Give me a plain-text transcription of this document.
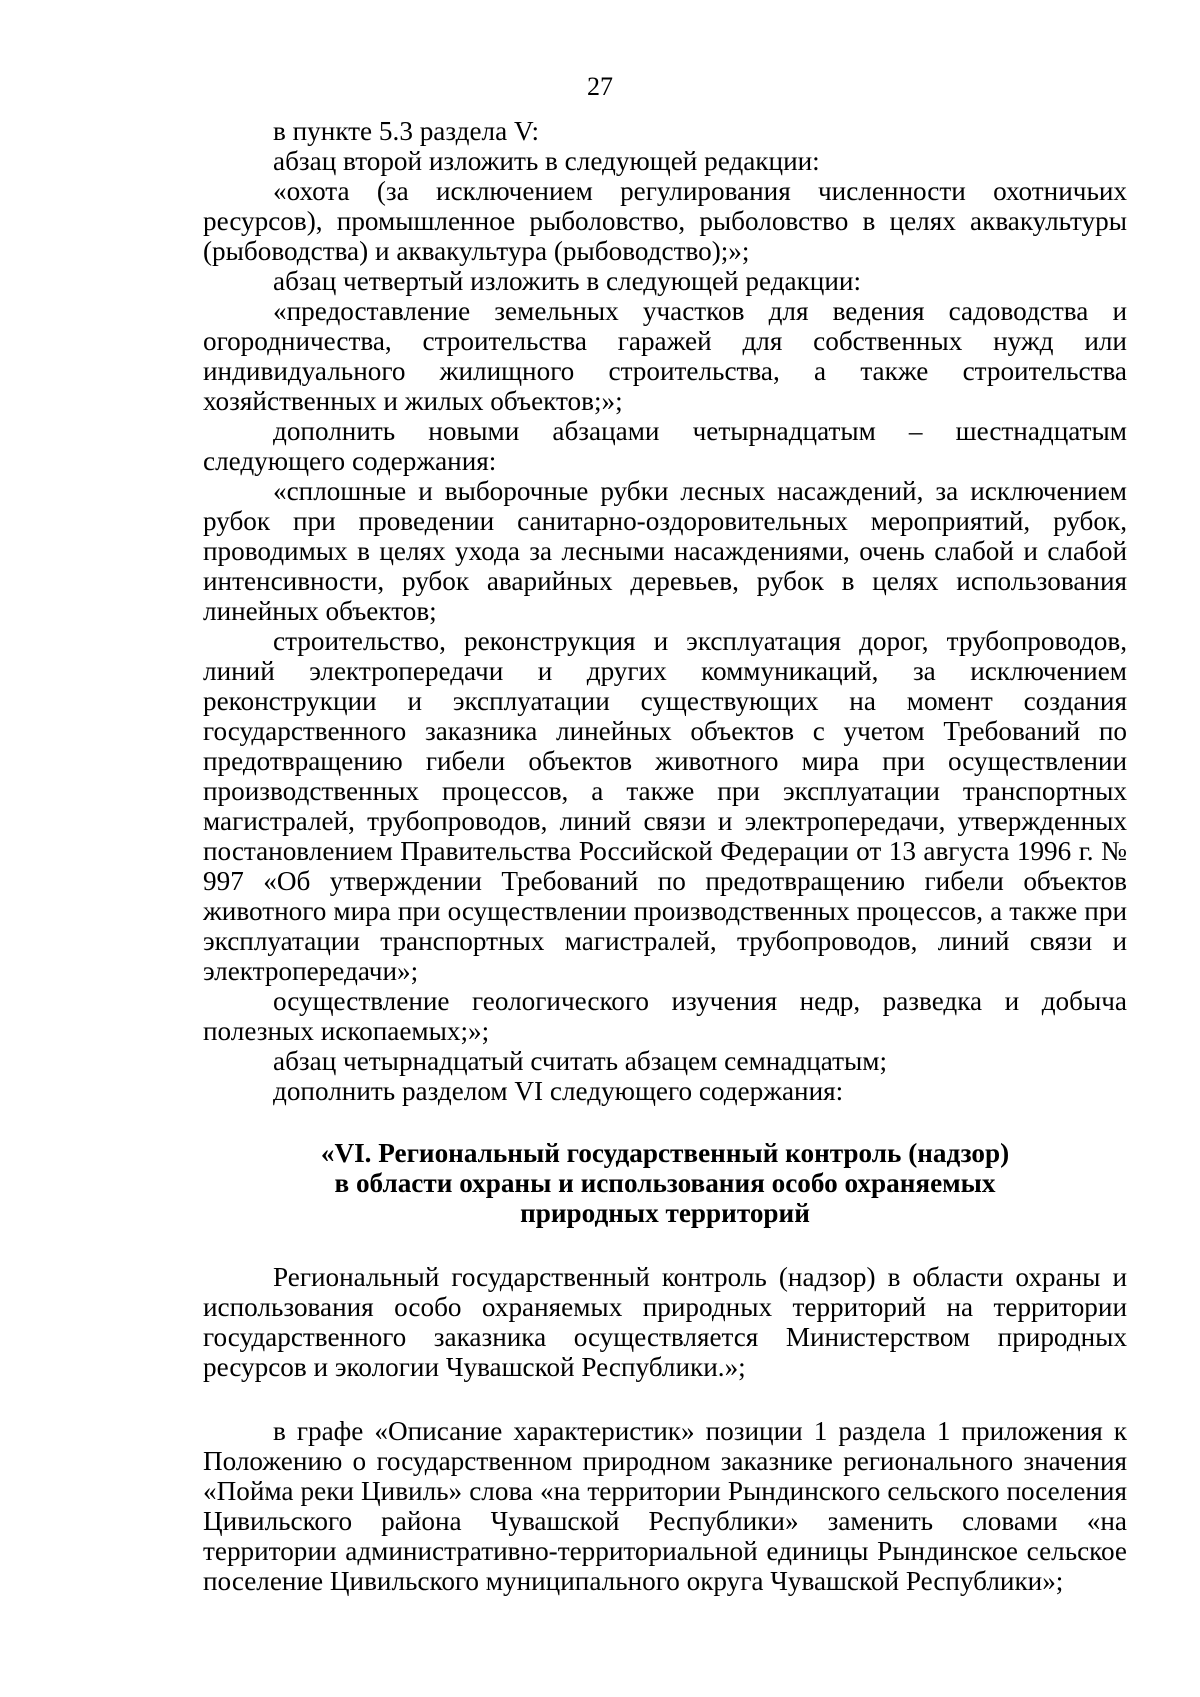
27

в пункте 5.3 раздела V:

абзац второй изложить в следующей редакции:

«охота (за исключением регулирования численности охотничьих ресурсов), промышленное рыболовство, рыболовство в целях аквакультуры (рыбоводства) и аквакультура (рыбоводство);»;

абзац четвертый изложить в следующей редакции:

«предоставление земельных участков для ведения садоводства и огородничества, строительства гаражей для собственных нужд или индивидуального жилищного строительства, а также строительства хозяйственных и жилых объектов;»;

дополнить новыми абзацами четырнадцатым – шестнадцатым следующего содержания:

«сплошные и выборочные рубки лесных насаждений, за исключением рубок при проведении санитарно-оздоровительных мероприятий, рубок, проводимых в целях ухода за лесными насаждениями, очень слабой и слабой интенсивности, рубок аварийных деревьев, рубок в целях использования линейных объектов;

строительство, реконструкция и эксплуатация дорог, трубопроводов, линий электропередачи и других коммуникаций, за исключением реконструкции и эксплуатации существующих на момент создания государственного заказника линейных объектов с учетом Требований по предотвращению гибели объектов животного мира при осуществлении производственных процессов, а также при эксплуатации транспортных магистралей, трубопроводов, линий связи и электропередачи, утвержденных постановлением Правительства Российской Федерации от 13 августа 1996 г. № 997 «Об утверждении Требований по предотвращению гибели объектов животного мира при осуществлении производственных процессов, а также при эксплуатации транспортных магистралей, трубопроводов, линий связи и электропередачи»;

осуществление геологического изучения недр, разведка и добыча полезных ископаемых;»;

абзац четырнадцатый считать абзацем семнадцатым;

дополнить разделом VI следующего содержания:

«VI. Региональный государственный контроль (надзор)
в области охраны и использования особо охраняемых
природных территорий

Региональный государственный контроль (надзор) в области охраны и использования особо охраняемых природных территорий на территории государственного заказника осуществляется Министерством природных ресурсов и экологии Чувашской Республики.»;

в графе «Описание характеристик» позиции 1 раздела 1 приложения к Положению о государственном природном заказнике регионального значения «Пойма реки Цивиль» слова «на территории Рындинского сельского поселения Цивильского района Чувашской Республики» заменить словами «на территории административно-территориальной единицы Рындинское сельское поселение Цивильского муниципального округа Чувашской Республики»;
